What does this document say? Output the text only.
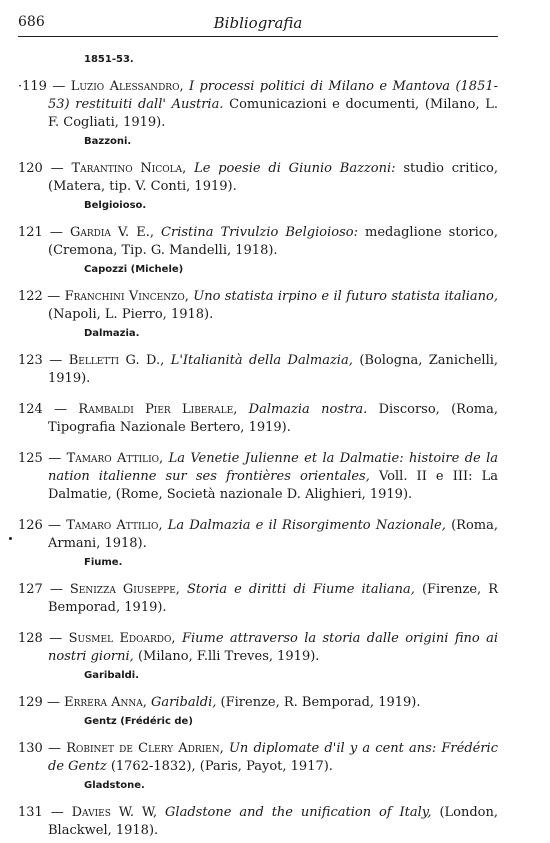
686	Bibliografia
1851-53.

·119 — Luzio Alessandro, I processi politici di Milano e Mantova (1851-53) restituiti dall' Austria. Comunicazioni e documenti, (Milano, L. F. Cogliati, 1919).

Bazzoni.

120 — Tarantino Nicola, Le poesie di Giunio Bazzoni: studio critico, (Matera, tip. V. Conti, 1919).

Belgioioso.

121 — Gardia V. E., Cristina Trivulzio Belgioioso: medaglione storico, (Cremona, Tip. G. Mandelli, 1918).

Capozzi (Michele)

122 — Franchini Vincenzo, Uno statista irpino e il futuro statista italiano, (Napoli, L. Pierro, 1918).

Dalmazia.

123 — Belletti G. D., L'Italianità della Dalmazia, (Bologna, Zanichelli, 1919).

124 — Rambaldi Pier Liberale, Dalmazia nostra. Discorso, (Roma, Tipografia Nazionale Bertero, 1919).

125 — Tamaro Attilio, La Venetie Julienne et la Dalmatie: histoire de la nation italienne sur ses frontières orientales, Voll. II e III: La Dalmatie, (Rome, Società nazionale D. Alighieri, 1919).

126 — Tamaro Attilio, La Dalmazia e il Risorgimento Nazionale, (Roma, Armani, 1918).

Fiume.

127 — Senizza Giuseppe, Storia e diritti di Fiume italiana, (Firenze, R Bemporad, 1919).

128 — Susmel Edoardo, Fiume attraverso la storia dalle origini fino ai nostri giorni, (Milano, F.lli Treves, 1919).

Garibaldi.

129 — Errera Anna, Garibaldi, (Firenze, R. Bemporad, 1919).

Gentz (Frédéric de)

130 — Robinet de Clery Adrien, Un diplomate d'il y a cent ans: Frédéric de Gentz (1762-1832), (Paris, Payot, 1917).

Gladstone.

131 — Davies W. W, Gladstone and the unification of Italy, (London, Blackwel, 1918).
